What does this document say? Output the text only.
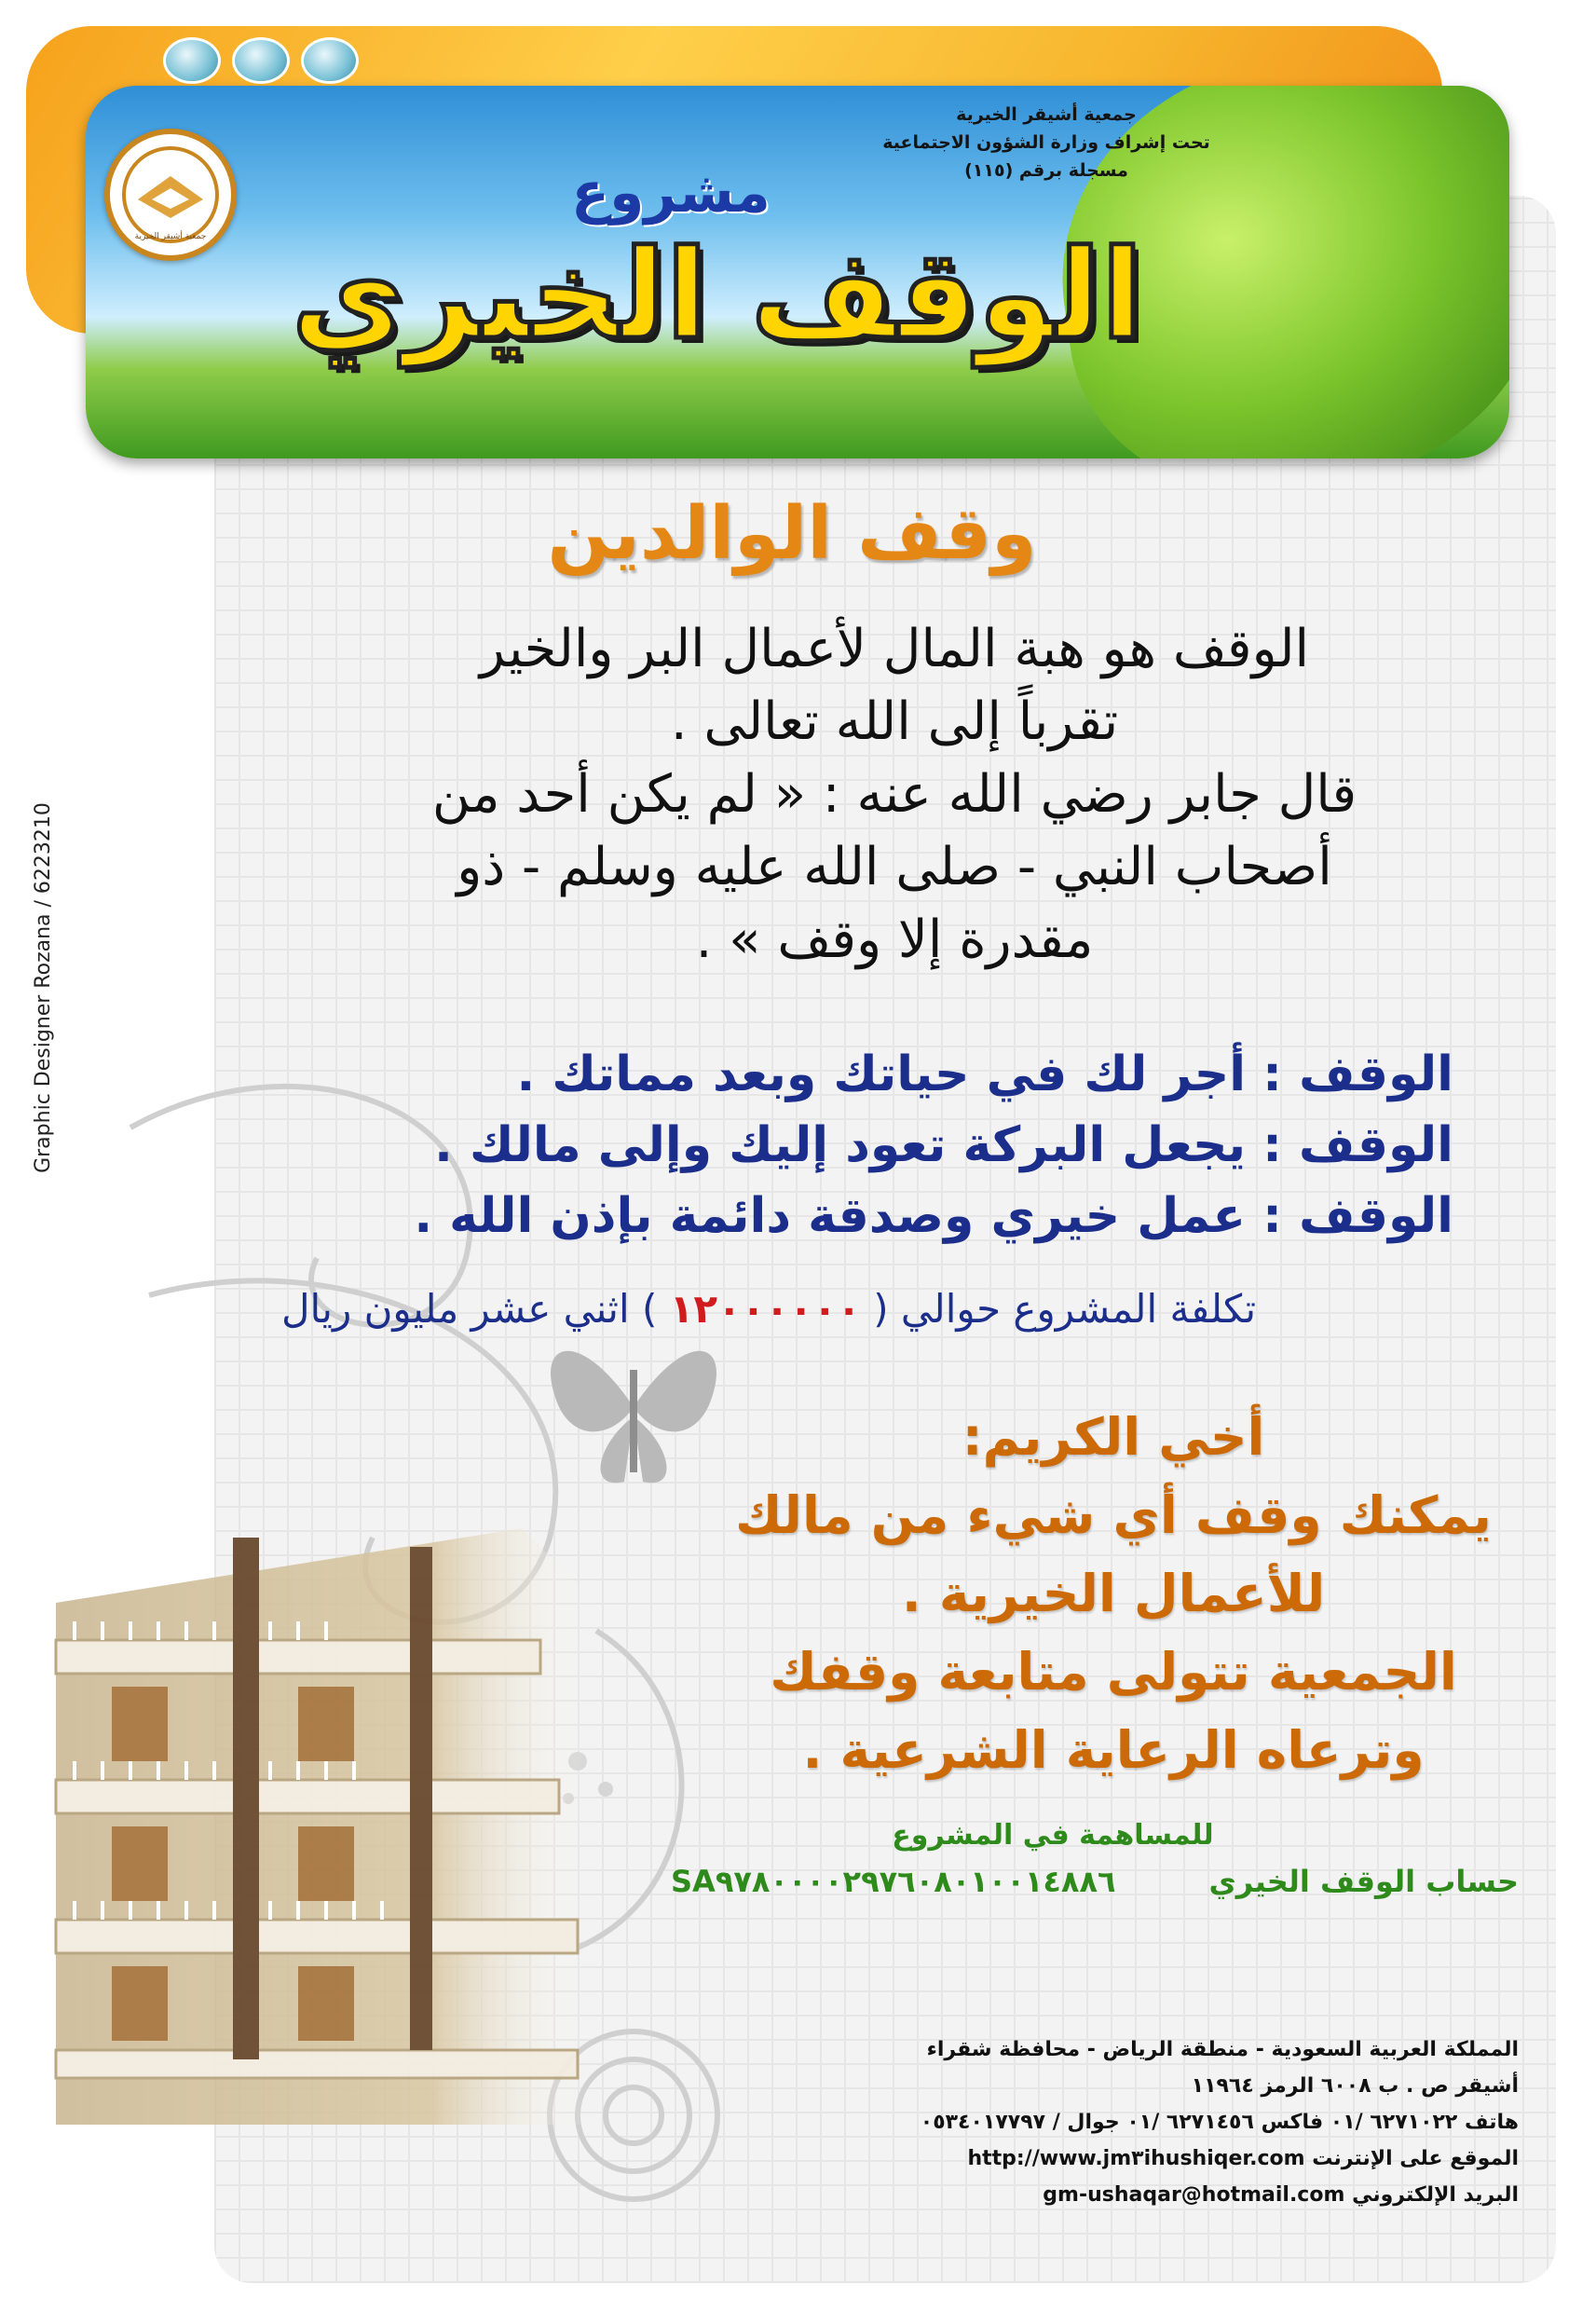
جمعية أشيقر الخيرية
جمعية أشيقر الخيرية
تحت إشراف وزارة الشؤون الاجتماعية
مسجلة برقم (١١٥)
مشروع
الوقف الخيري
وقف الوالدين
الوقف هو هبة المال لأعمال البر والخير
تقرباً إلى الله تعالى .
قال جابر رضي الله عنه : « لم يكن أحد من
أصحاب النبي - صلى الله عليه وسلم - ذو
مقدرة إلا وقف » .
الوقف : أجر لك في حياتك وبعد مماتك .
الوقف : يجعل البركة تعود إليك وإلى مالك .
الوقف : عمل خيري وصدقة دائمة بإذن الله .
تكلفة المشروع حوالي ( ١٢٠٠٠٠٠٠ ) اثني عشر مليون ريال
أخي الكريم:
يمكنك وقف أي شيء من مالك
للأعمال الخيرية .
الجمعية تتولى متابعة وقفك
وترعاه الرعاية الشرعية .
للمساهمة في المشروع
حساب الوقف الخيري
SA٩٧٨٠٠٠٠٢٩٧٦٠٨٠١٠٠١٤٨٨٦
المملكة العربية السعودية - منطقة الرياض - محافظة شقراء
أشيقر ص . ب ٦٠٠٨ الرمز ١١٩٦٤
هاتف ٦٢٧١٠٢٢ /٠١ فاكس ٦٢٧١٤٥٦ /٠١ جوال / ٠٥٣٤٠١٧٧٩٧
الموقع على الإنترنت http://www.jm٣ihushiqer.com
البريد الإلكتروني gm-ushaqar@hotmail.com
Graphic Designer Rozana / 6223210
